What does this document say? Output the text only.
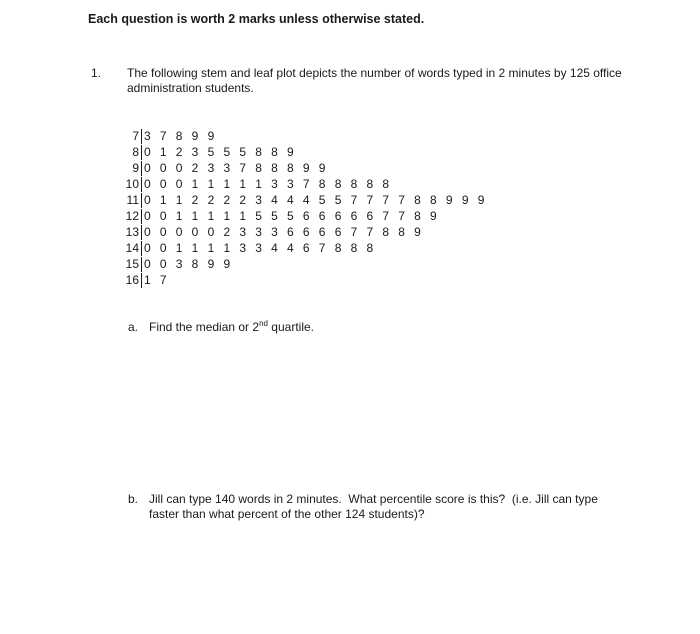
Each question is worth 2 marks unless otherwise stated.
1. The following stem and leaf plot depicts the number of words typed in 2 minutes by 125 office administration students.
7 3 7 8 9 9
8 0 1 2 3 5 5 5 8 8 9
9 0 0 0 2 3 3 7 8 8 8 9 9
10 0 0 0 1 1 1 1 1 3 3 7 8 8 8 8 8
11 0 1 1 2 2 2 2 3 4 4 4 5 5 7 7 7 7 8 8 9 9 9
12 0 0 1 1 1 1 1 5 5 5 6 6 6 6 6 7 7 8 9
13 0 0 0 0 0 2 3 3 3 6 6 6 6 7 7 8 8 9
14 0 0 1 1 1 1 3 3 4 4 6 7 8 8 8
15 0 0 3 8 9 9
16 1 7
a. Find the median or 2nd quartile.
b. Jill can type 140 words in 2 minutes.  What percentile score is this?  (i.e. Jill can type
faster than what percent of the other 124 students)?
